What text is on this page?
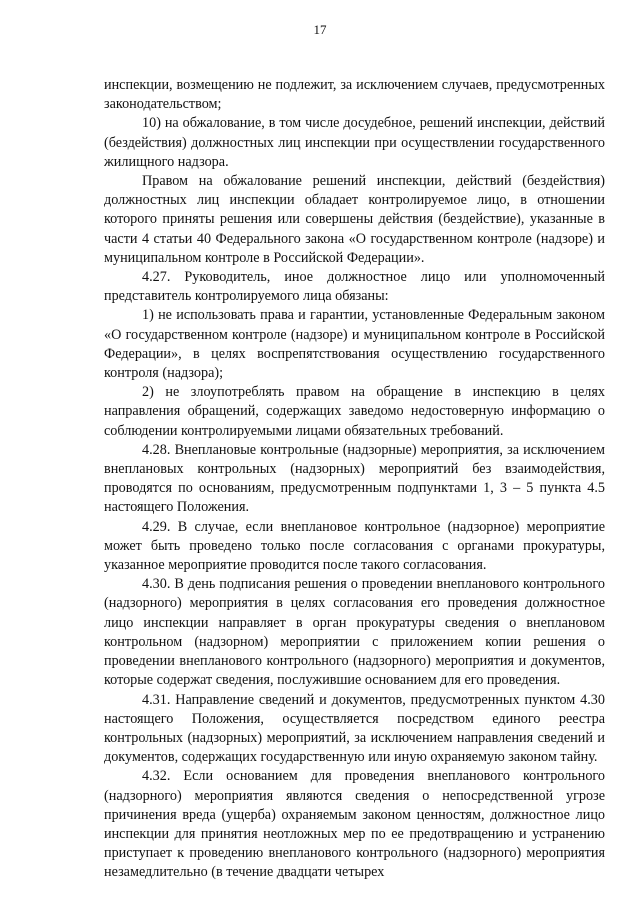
17

инспекции, возмещению не подлежит, за исключением случаев, предусмотренных законодательством;

10) на обжалование, в том числе досудебное, решений инспекции, действий (бездействия) должностных лиц инспекции при осуществлении государственного жилищного надзора.

Правом на обжалование решений инспекции, действий (бездействия) должностных лиц инспекции обладает контролируемое лицо, в отношении которого приняты решения или совершены действия (бездействие), указанные в части 4 статьи 40 Федерального закона «О государственном контроле (надзоре) и муниципальном контроле в Российской Федерации».

4.27. Руководитель, иное должностное лицо или уполномоченный представитель контролируемого лица обязаны:

1) не использовать права и гарантии, установленные Федеральным законом «О государственном контроле (надзоре) и муниципальном контроле в Российской Федерации», в целях воспрепятствования осуществлению государственного контроля (надзора);

2) не злоупотреблять правом на обращение в инспекцию в целях направления обращений, содержащих заведомо недостоверную информацию о соблюдении контролируемыми лицами обязательных требований.

4.28. Внеплановые контрольные (надзорные) мероприятия, за исключением внеплановых контрольных (надзорных) мероприятий без взаимодействия, проводятся по основаниям, предусмотренным подпунктами 1, 3 – 5 пункта 4.5 настоящего Положения.

4.29. В случае, если внеплановое контрольное (надзорное) мероприятие может быть проведено только после согласования с органами прокуратуры, указанное мероприятие проводится после такого согласования.

4.30. В день подписания решения о проведении внепланового контрольного (надзорного) мероприятия в целях согласования его проведения должностное лицо инспекции направляет в орган прокуратуры сведения о внеплановом контрольном (надзорном) мероприятии с приложением копии решения о проведении внепланового контрольного (надзорного) мероприятия и документов, которые содержат сведения, послужившие основанием для его проведения.

4.31. Направление сведений и документов, предусмотренных пунктом 4.30 настоящего Положения, осуществляется посредством единого реестра контрольных (надзорных) мероприятий, за исключением направления сведений и документов, содержащих государственную или иную охраняемую законом тайну.

4.32. Если основанием для проведения внепланового контрольного (надзорного) мероприятия являются сведения о непосредственной угрозе причинения вреда (ущерба) охраняемым законом ценностям, должностное лицо инспекции для принятия неотложных мер по ее предотвращению и устранению приступает к проведению внепланового контрольного (надзорного) мероприятия незамедлительно (в течение двадцати четырех
